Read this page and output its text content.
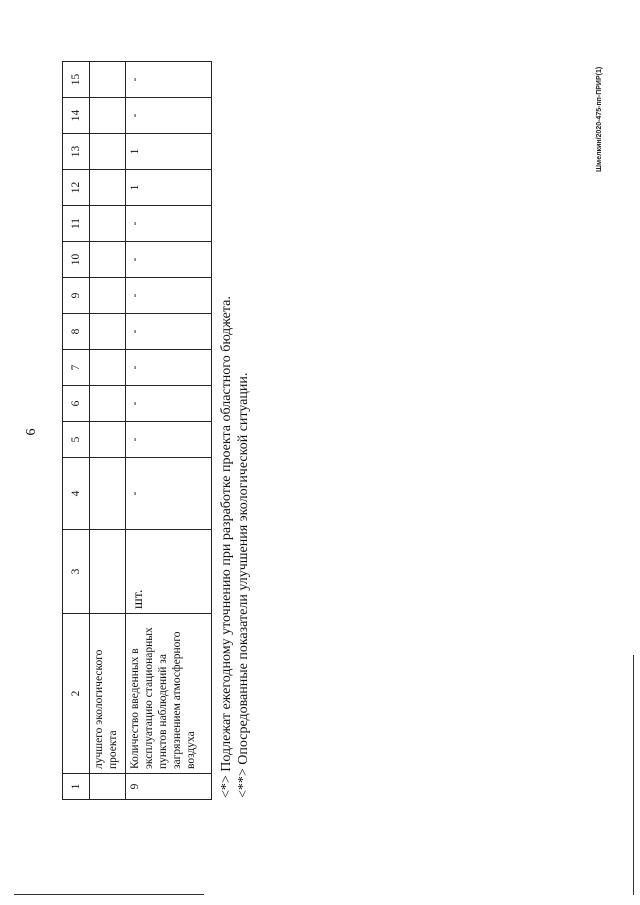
6
1	2	3	4	5	6	7	8	9	10	11	12	13	14	15
	лучшего экологического проекта													
9	Количество введенных в эксплуатацию стационарных пунктов наблюдений за загрязнением атмосферного воздуха	шт.	-	-	-	-	-	-	-	-	1	1	-	-
<*> Подлежат ежегодному уточнению при разработке проекта областного бюджета. <**> Опосредованные показатели улучшения экологической ситуации.
Шмелкин/2020-475-пп-ПРИР(1)
